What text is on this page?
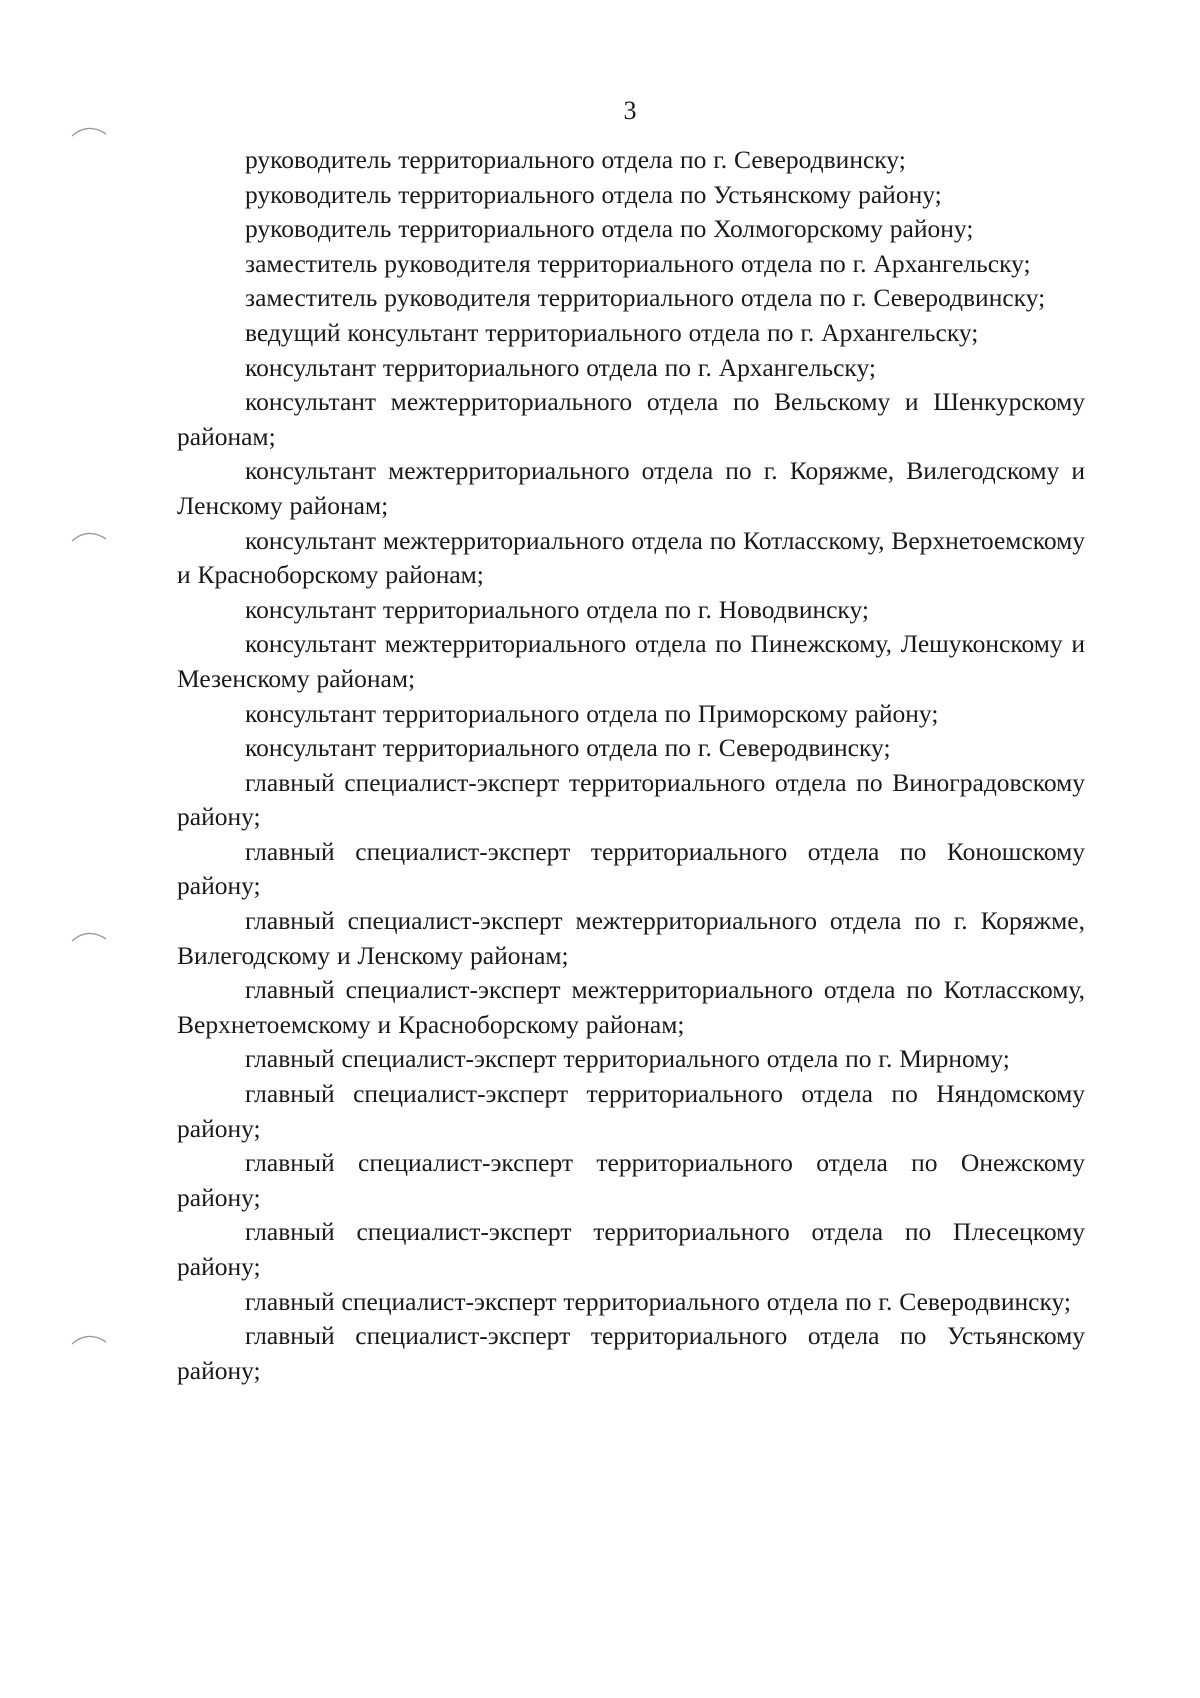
3

руководитель территориального отдела по г. Северодвинску;

руководитель территориального отдела по Устьянскому району;

руководитель территориального отдела по Холмогорскому району;

заместитель руководителя территориального отдела по г. Архангельску;

заместитель руководителя территориального отдела по г. Северодвинску;

ведущий консультант территориального отдела по г. Архангельску;

консультант территориального отдела по г. Архангельску;

консультант межтерриториального отдела по Вельскому и Шенкурскому районам;

консультант межтерриториального отдела по г. Коряжме, Вилегодскому и Ленскому районам;

консультант межтерриториального отдела по Котласскому, Верхнетоемскому и Красноборскому районам;

консультант территориального отдела по г. Новодвинску;

консультант межтерриториального отдела по Пинежскому, Лешуконскому и Мезенскому районам;

консультант территориального отдела по Приморскому району;

консультант территориального отдела по г. Северодвинску;

главный специалист-эксперт территориального отдела по Виноградовскому району;

главный специалист-эксперт территориального отдела по Коношскому району;

главный специалист-эксперт межтерриториального отдела по г. Коряжме, Вилегодскому и Ленскому районам;

главный специалист-эксперт межтерриториального отдела по Котласскому, Верхнетоемскому и Красноборскому районам;

главный специалист-эксперт территориального отдела по г. Мирному;

главный специалист-эксперт территориального отдела по Няндомскому району;

главный специалист-эксперт территориального отдела по Онежскому району;

главный специалист-эксперт территориального отдела по Плесецкому району;

главный специалист-эксперт территориального отдела по г. Северодвинску;

главный специалист-эксперт территориального отдела по Устьянскому району;
